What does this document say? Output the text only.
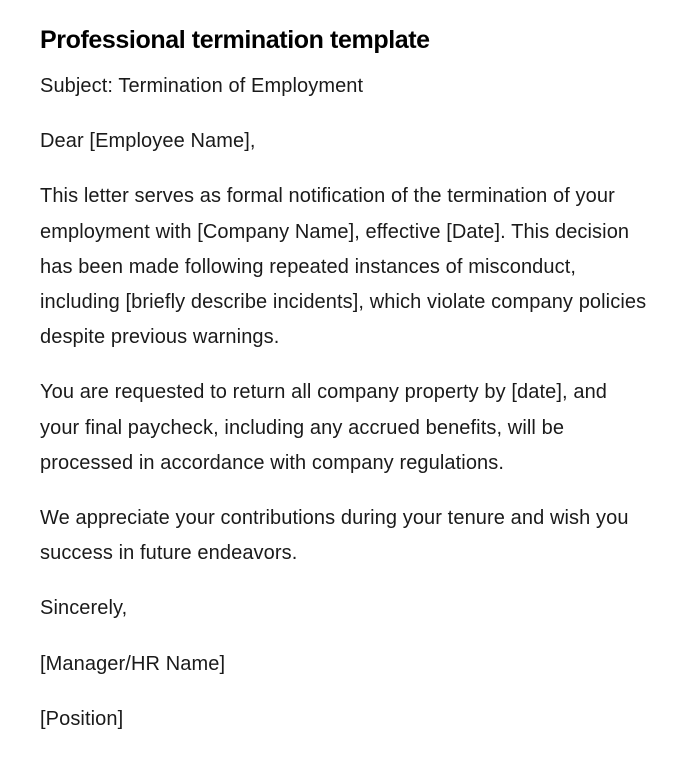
Professional termination template

Subject: Termination of Employment

Dear [Employee Name],

This letter serves as formal notification of the termination of your employment with [Company Name], effective [Date]. This decision has been made following repeated instances of misconduct, including [briefly describe incidents], which violate company policies despite previous warnings.

You are requested to return all company property by [date], and your final paycheck, including any accrued benefits, will be processed in accordance with company regulations.

We appreciate your contributions during your tenure and wish you success in future endeavors.

Sincerely,

[Manager/HR Name]

[Position]
